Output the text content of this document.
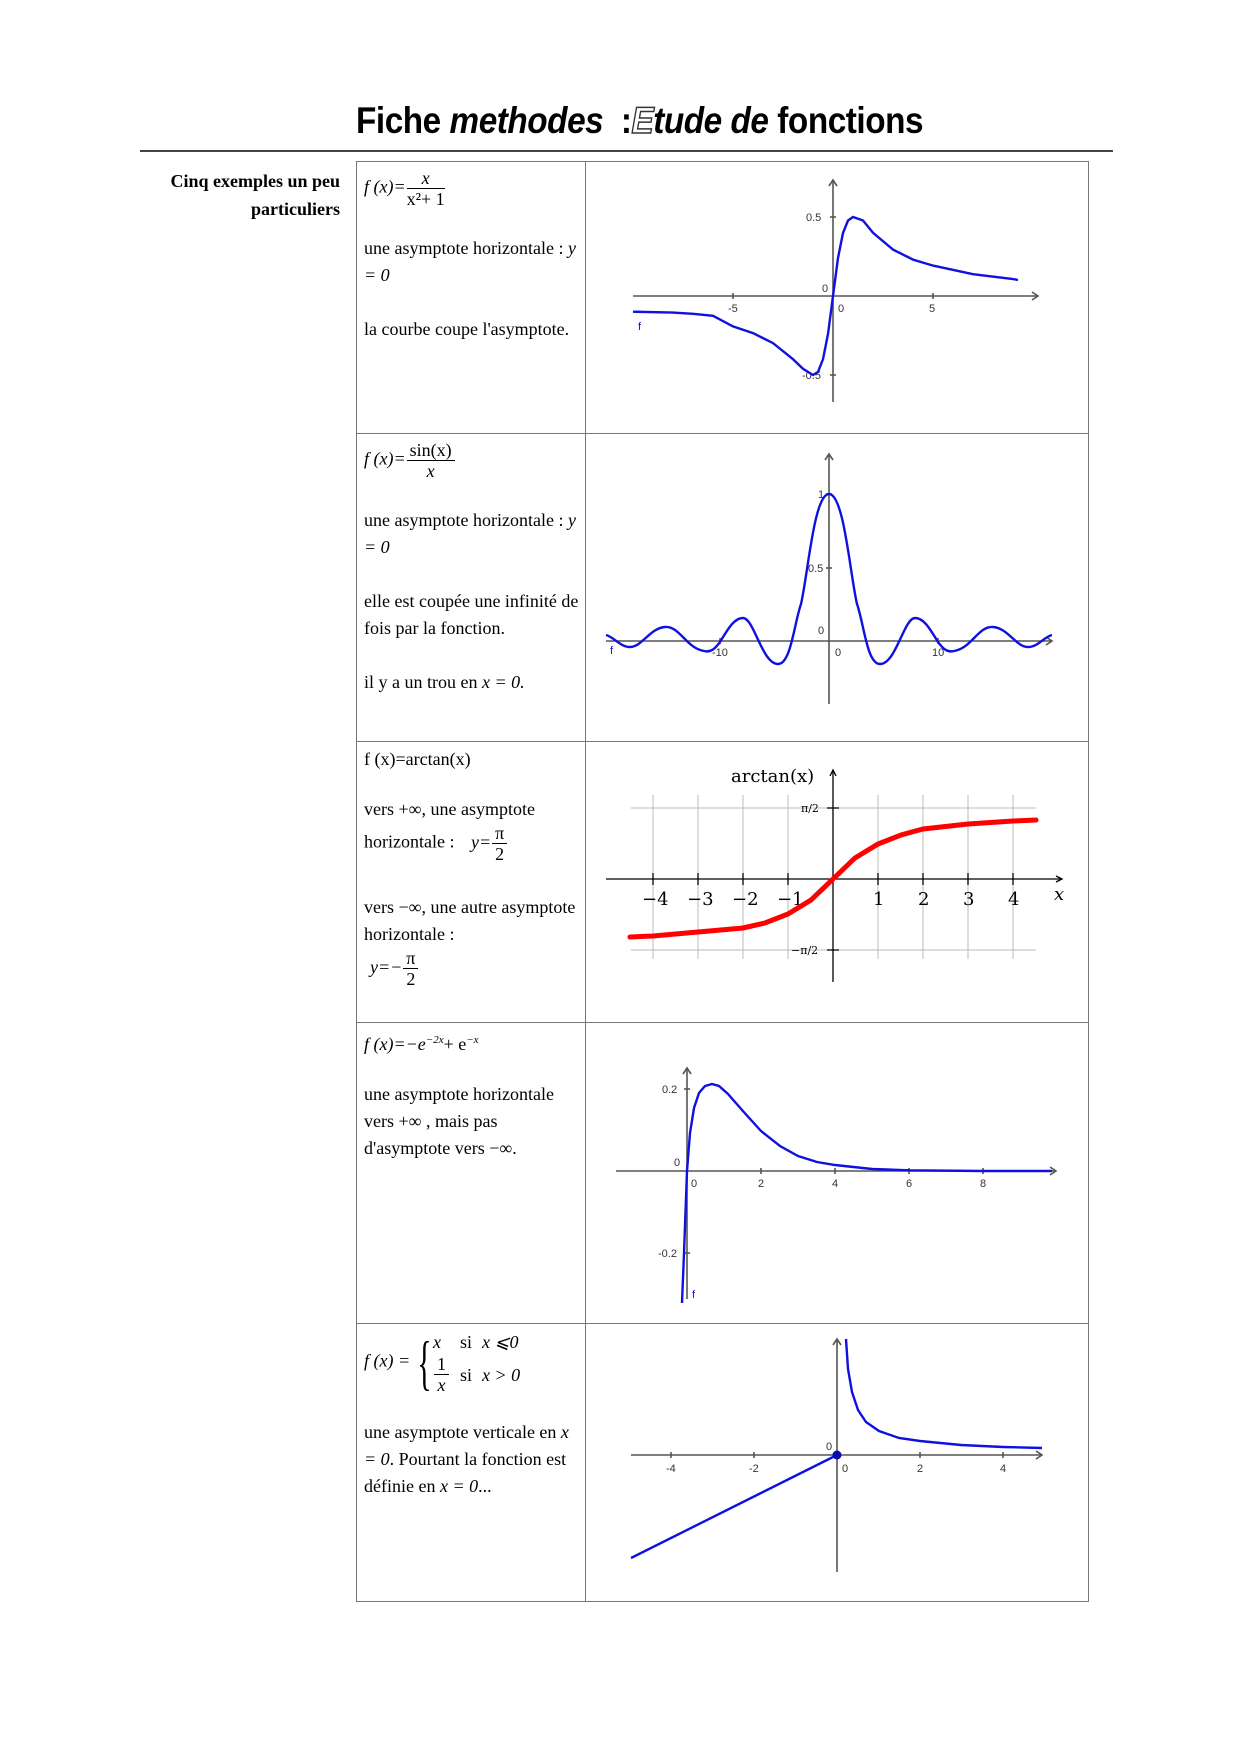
Fiche methodes  :Etude de fonctions
Cinq exemples un peu
particuliers
f $(x)= \frac{x}{\text{x²+ 1}}$
une asymptote horizontale : y = 0
la courbe coupe l'asymptote.

-5	0	5
0.5
0
-0.5
f

f $(x)= \frac{\sin(x)}{x}$
une asymptote horizontale : y = 0
elle est coupée une infinité de fois par la fonction.
il y a un trou en x = 0.

-10	0	10
1
0.5
0
f

f (x)=arctan(x)
vers +∞, une asymptote horizontale : $y= \frac{\pi}{2}$
vers −∞, une autre asymptote horizontale :
$y=- \frac{\pi}{2}$

−4 −3 −2 −1	1 2 3 4 x
arctan(x)
π/2
−π/2

f $(x)=-e^{-2x}+ e^{-x}$
une asymptote horizontale vers +∞ , mais pas d'asymptote vers −∞.

0	2	4	6	8
0.2
0
-0.2
f

f (x) = { x	si	x ⩽0

$\frac{1}{x}$	si	x > 0
une asymptote verticale en x = 0. Pourtant la fonction est définie en x = 0...

-4	-2	0	2	4
0
